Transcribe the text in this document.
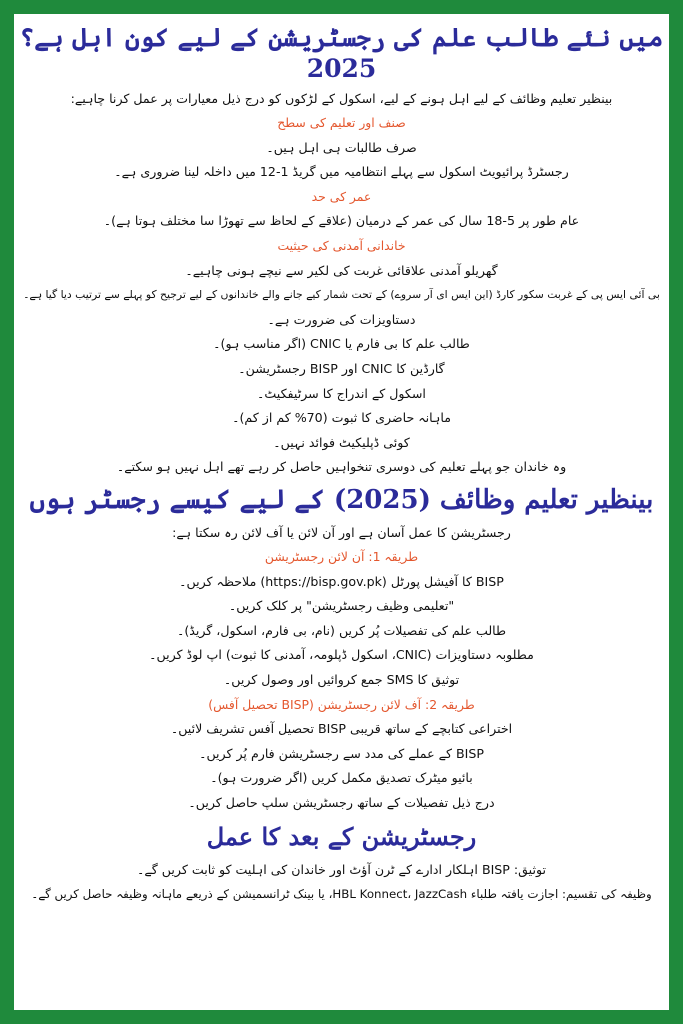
میں نئے طالب علم کی رجسٹریشن کے لیے کون اہل ہے؟ 2025
بینظیر تعلیم وظائف کے لیے اہل ہونے کے لیے، اسکول کے لڑکوں کو درج ذیل معیارات پر عمل کرنا چاہیے:
صنف اور تعلیم کی سطح
صرف طالبات ہی اہل ہیں۔
رجسٹرڈ پرائیویٹ اسکول سے پہلے انتظامیہ میں گریڈ 1-12 میں داخلہ لینا ضروری ہے۔
عمر کی حد
عام طور پر 5-18 سال کی عمر کے درمیان (علاقے کے لحاظ سے تھوڑا سا مختلف ہوتا ہے)۔
خاندانی آمدنی کی حیثیت
گھریلو آمدنی علاقائی غربت کی لکیر سے نیچے ہونی چاہیے۔
بی آئی ایس پی کے غربت سکور کارڈ (این ایس ای آر سروے) کے تحت شمار کیے جانے والے خاندانوں کے لیے ترجیح کو پہلے سے ترتیب دیا گیا ہے۔
دستاویزات کی ضرورت ہے۔
طالب علم کا بی فارم یا CNIC (اگر مناسب ہو)۔
گارڈین کا CNIC اور BISP رجسٹریشن۔
اسکول کے اندراج کا سرٹیفکیٹ۔
ماہانہ حاضری کا ثبوت (70% کم از کم)۔
کوئی ڈپلیکیٹ فوائد نہیں۔
وہ خاندان جو پہلے تعلیم کی دوسری تنخواہیں حاصل کر رہے تھے اہل نہیں ہو سکتے۔
بینظیر تعلیم وظائف (2025) کے لیے کیسے رجسٹر ہوں
رجسٹریشن کا عمل آسان ہے اور آن لائن یا آف لائن رہ سکتا ہے:
طریقہ 1: آن لائن رجسٹریشن
BISP کا آفیشل پورٹل (https://bisp.gov.pk) ملاحظہ کریں۔
"تعلیمی وظیف رجسٹریشن" پر کلک کریں۔
طالب علم کی تفصیلات پُر کریں (نام، بی فارم، اسکول، گریڈ)۔
مطلوبہ دستاویزات (CNIC، اسکول ڈپلومہ، آمدنی کا ثبوت) اپ لوڈ کریں۔
توثیق کا SMS جمع کروائیں اور وصول کریں۔
طریقہ 2: آف لائن رجسٹریشن (BISP تحصیل آفس)
اختراعی کتابچے کے ساتھ قریبی BISP تحصیل آفس تشریف لائیں۔
BISP کے عملے کی مدد سے رجسٹریشن فارم پُر کریں۔
بائیو میٹرک تصدیق مکمل کریں (اگر ضرورت ہو)۔
درج ذیل تفصیلات کے ساتھ رجسٹریشن سلپ حاصل کریں۔
رجسٹریشن کے بعد کا عمل
توثیق: BISP اہلکار ادارے کے ٹرن آؤٹ اور خاندان کی اہلیت کو ثابت کریں گے۔
وظیفہ کی تقسیم: اجازت یافتہ طلباء HBL Konnect، JazzCash، یا بینک ٹرانسمیشن کے ذریعے ماہانہ وظیفہ حاصل کریں گے۔
